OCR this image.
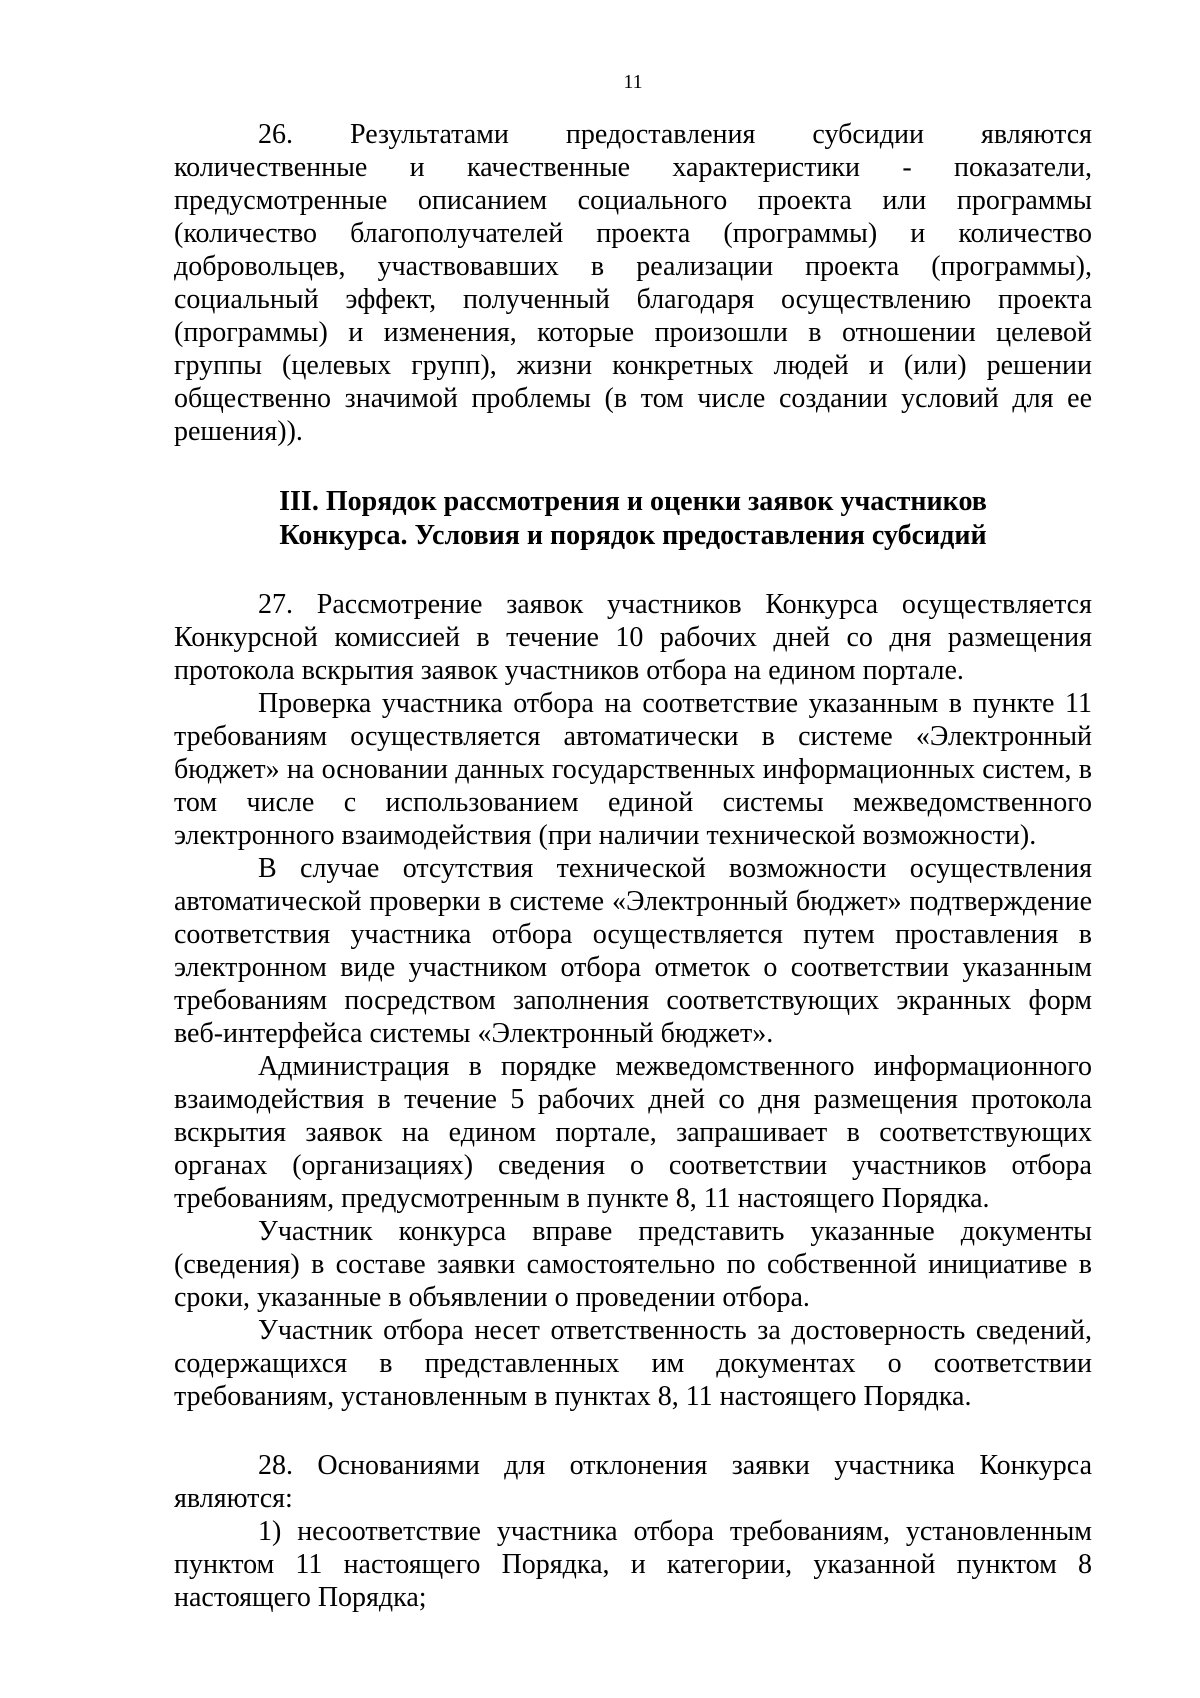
11

26. Результатами предоставления субсидии являются количественные и качественные характеристики - показатели, предусмотренные описанием социального проекта или программы (количество благополучателей проекта (программы) и количество добровольцев, участвовавших в реализации проекта (программы), социальный эффект, полученный благодаря осуществлению проекта (программы) и изменения, которые произошли в отношении целевой группы (целевых групп), жизни конкретных людей и (или) решении общественно значимой проблемы (в том числе создании условий для ее решения)).

III. Порядок рассмотрения и оценки заявок участников
Конкурса. Условия и порядок предоставления субсидий

27. Рассмотрение заявок участников Конкурса осуществляется Конкурсной комиссией в течение 10 рабочих дней со дня размещения протокола вскрытия заявок участников отбора на едином портале.

Проверка участника отбора на соответствие указанным в пункте 11 требованиям осуществляется автоматически в системе «Электронный бюджет» на основании данных государственных информационных систем, в том числе с использованием единой системы межведомственного электронного взаимодействия (при наличии технической возможности).

В случае отсутствия технической возможности осуществления автоматической проверки в системе «Электронный бюджет» подтверждение соответствия участника отбора осуществляется путем проставления в электронном виде участником отбора отметок о соответствии указанным требованиям посредством заполнения соответствующих экранных форм веб-интерфейса системы «Электронный бюджет».

Администрация в порядке межведомственного информационного взаимодействия в течение 5 рабочих дней со дня размещения протокола вскрытия заявок на едином портале, запрашивает в соответствующих органах (организациях) сведения о соответствии участников отбора требованиям, предусмотренным в пункте 8, 11 настоящего Порядка.

Участник конкурса вправе представить указанные документы (сведения) в составе заявки самостоятельно по собственной инициативе в сроки, указанные в объявлении о проведении отбора.

Участник отбора несет ответственность за достоверность сведений, содержащихся в представленных им документах о соответствии требованиям, установленным в пунктах 8, 11 настоящего Порядка.

28. Основаниями для отклонения заявки участника Конкурса являются:

1) несоответствие участника отбора требованиям, установленным пунктом 11 настоящего Порядка, и категории, указанной пунктом 8 настоящего Порядка;
